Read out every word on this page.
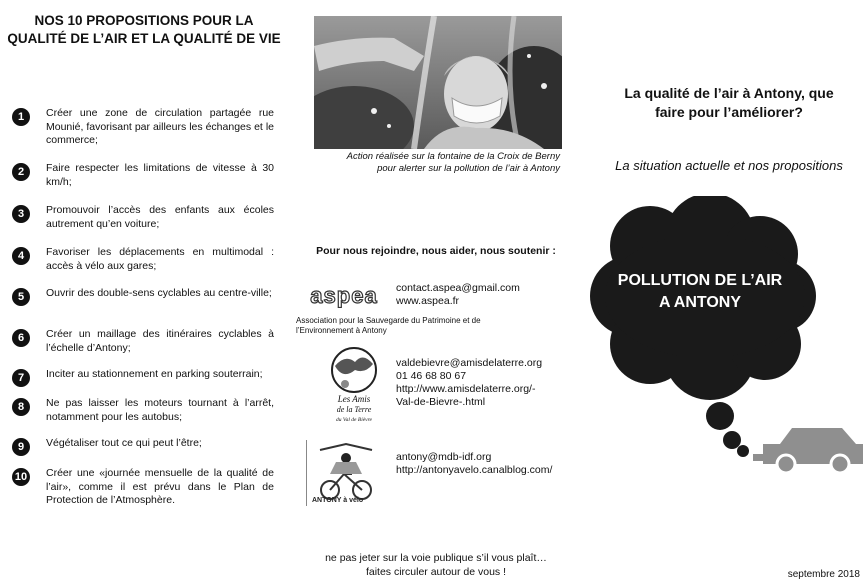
NOS 10 PROPOSITIONS POUR LA
QUALITÉ DE L’AIR ET LA QUALITÉ DE VIE
1	Créer une zone de circulation partagée rue Mounié, favorisant par ailleurs les échanges et le commerce;
2	Faire respecter les limitations de vitesse à 30 km/h;
3	Promouvoir l’accès des enfants aux écoles autrement qu’en voiture;
4	Favoriser les déplacements en multimodal : accès à vélo aux gares;
5	Ouvrir des double-sens cyclables au centre-ville;
6	Créer un maillage des itinéraires cyclables à l’échelle d’Antony;
7	Inciter au stationnement en parking souterrain;
8	Ne pas laisser les moteurs tournant à l’arrêt, notamment pour les autobus;
9	Végétaliser tout ce qui peut l’être;
10 Créer une «journée mensuelle de la qualité de l’air», comme il est prévu dans le Plan de Protection de l’Atmosphère.
Action réalisée sur la fontaine de la Croix de Berny
pour alerter sur la pollution de l’air à Antony
Pour nous rejoindre, nous aider, nous soutenir :
aspea contact.aspea@gmail.com
www.aspea.fr
Association pour la Sauvegarde du Patrimoine et de
l’Environnement à Antony
Les Amis
de la Terre
du Val de Bièvre
valdebievre@amisdelaterre.org
01 46 68 80 67
http://www.amisdelaterre.org/-
Val-de-Bievre-.html
ANTONY à vélo
antony@mdb-idf.org
http://antonyavelo.canalblog.com/
ne pas jeter sur la voie publique s’il vous plaît…
faites circuler autour de vous !
La qualité de l’air à Antony, que
faire pour l’améliorer?
La situation actuelle et nos propositions
POLLUTION DE L’AIR
A ANTONY
septembre 2018
